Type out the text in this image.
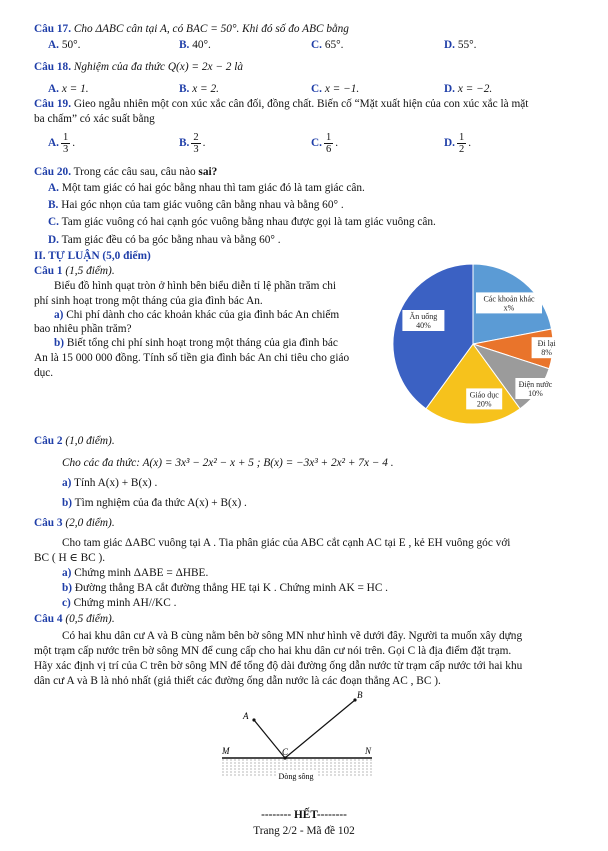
Câu 17. Cho ΔABC cân tại A, có BAC = 50°. Khi đó số đo ABC bằng
A. 50°.	B. 40°.	C. 65°.	D. 55°.
Câu 18. Nghiệm của đa thức Q(x) = 2x − 2 là
A. x = 1.	B. x = 2.	C. x = −1.	D. x = −2.
Câu 19. Gieo ngẫu nhiên một con xúc xắc cân đối, đồng chất. Biến cố “Mặt xuất hiện của con xúc xắc là mặt
ba chấm” có xác suất bằng
A. $\frac{1}{3}$ .	B. $\frac{2}{3}$ .	C. $\frac{1}{6}$ .	D. $\frac{1}{2}$ .
Câu 20. Trong các câu sau, câu nào sai?
A. Một tam giác có hai góc bằng nhau thì tam giác đó là tam giác cân.
B. Hai góc nhọn của tam giác vuông cân bằng nhau và bằng 60° .
C. Tam giác vuông có hai cạnh góc vuông bằng nhau được gọi là tam giác vuông cân.
D. Tam giác đều có ba góc bằng nhau và bằng 60° .
II. TỰ LUẬN (5,0 điểm)
Câu 1 (1,5 điểm).
Biểu đồ hình quạt tròn ở hình bên biểu diễn tỉ lệ phần trăm chi
phí sinh hoạt trong một tháng của gia đình bác An.
a) Chi phí dành cho các khoản khác của gia đình bác An chiếm
bao nhiêu phần trăm?
b) Biết tổng chi phí sinh hoạt trong một tháng của gia đình bác
An là 15 000 000 đồng. Tính số tiền gia đình bác An chi tiêu cho giáo
dục.
Ăn uống
40%
Các khoản khác
x%
Đi lại
8%
Điện nước
10%
Giáo dục
20%
Câu 2 (1,0 điểm).
Cho các đa thức: A(x) = 3x³ − 2x² − x + 5 ; B(x) = −3x³ + 2x² + 7x − 4 .
a) Tính A(x) + B(x) .
b) Tìm nghiệm của đa thức A(x) + B(x) .
Câu 3 (2,0 điểm).
Cho tam giác ΔABC vuông tại A . Tia phân giác của ABC cắt cạnh AC tại E , kẻ EH vuông góc với
BC ( H ∈ BC ).
a) Chứng minh ΔABE = ΔHBE.
b) Đường thẳng BA cắt đường thẳng HE tại K . Chứng minh AK = HC .
c) Chứng minh AH//KC .
Câu 4 (0,5 điểm).
Có hai khu dân cư A và B cùng nằm bên bờ sông MN như hình vẽ dưới đây. Người ta muốn xây dựng
một trạm cấp nước trên bờ sông MN để cung cấp cho hai khu dân cư nói trên. Gọi C là địa điểm đặt trạm.
Hãy xác định vị trí của C trên bờ sông MN để tổng độ dài đường ống dẫn nước từ trạm cấp nước tới hai khu
dân cư A và B là nhỏ nhất (giả thiết các đường ống dẫn nước là các đoạn thẳng AC , BC ).
A
B
C
M	N
Dòng sông
-------- HẾT--------
Trang 2/2 - Mã đề 102
